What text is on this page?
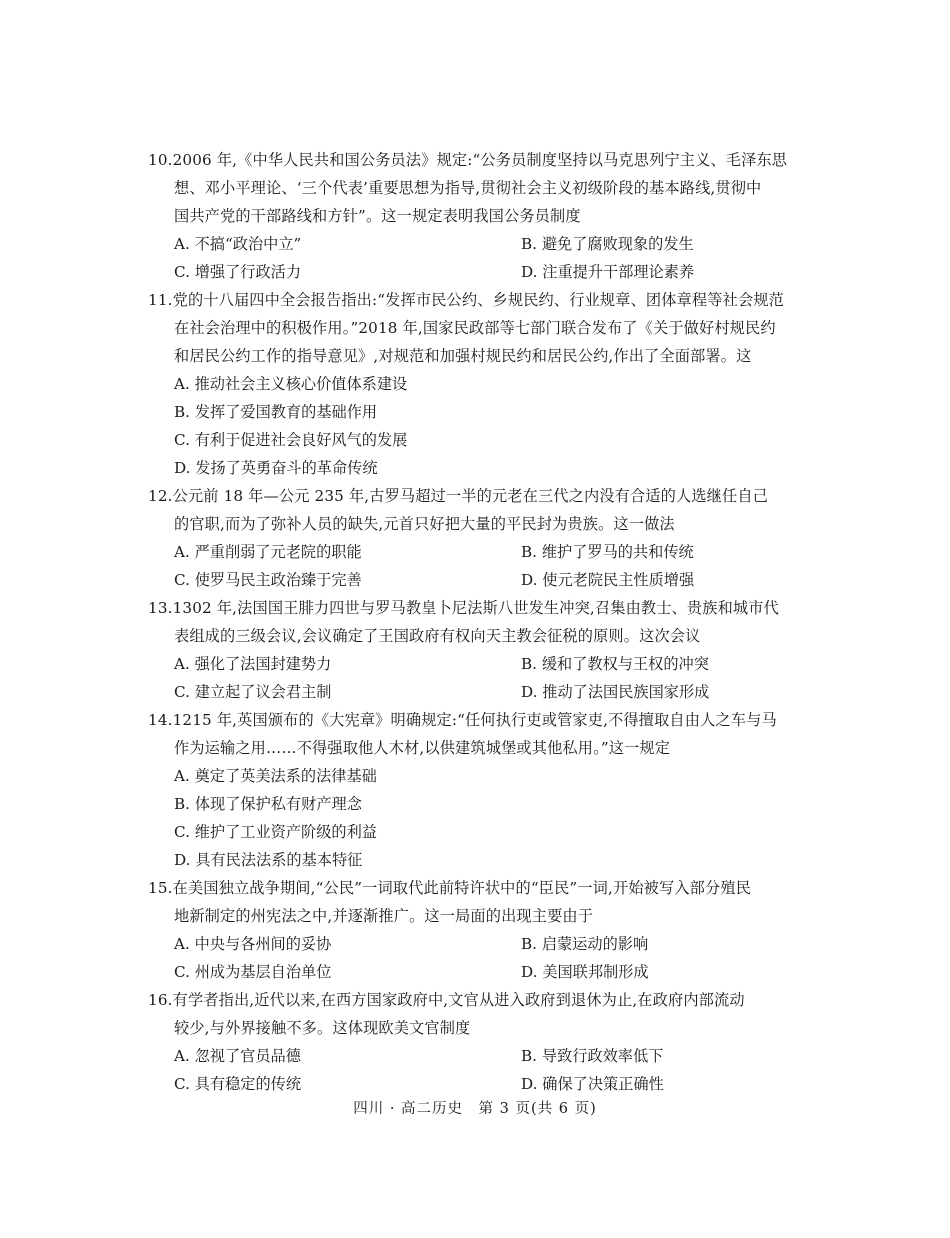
10.2006 年,《中华人民共和国公务员法》规定:“公务员制度坚持以马克思列宁主义、毛泽东思
想、邓小平理论、‘三个代表’重要思想为指导,贯彻社会主义初级阶段的基本路线,贯彻中
国共产党的干部路线和方针”。这一规定表明我国公务员制度
A. 不搞“政治中立”	B. 避免了腐败现象的发生
C. 增强了行政活力	D. 注重提升干部理论素养
11.党的十八届四中全会报告指出:“发挥市民公约、乡规民约、行业规章、团体章程等社会规范
在社会治理中的积极作用。”2018 年,国家民政部等七部门联合发布了《关于做好村规民约
和居民公约工作的指导意见》,对规范和加强村规民约和居民公约,作出了全面部署。这
A. 推动社会主义核心价值体系建设
B. 发挥了爱国教育的基础作用
C. 有利于促进社会良好风气的发展
D. 发扬了英勇奋斗的革命传统
12.公元前 18 年—公元 235 年,古罗马超过一半的元老在三代之内没有合适的人选继任自己
的官职,而为了弥补人员的缺失,元首只好把大量的平民封为贵族。这一做法
A. 严重削弱了元老院的职能	B. 维护了罗马的共和传统
C. 使罗马民主政治臻于完善	D. 使元老院民主性质增强
13.1302 年,法国国王腓力四世与罗马教皇卜尼法斯八世发生冲突,召集由教士、贵族和城市代
表组成的三级会议,会议确定了王国政府有权向天主教会征税的原则。这次会议
A. 强化了法国封建势力	B. 缓和了教权与王权的冲突
C. 建立起了议会君主制	D. 推动了法国民族国家形成
14.1215 年,英国颁布的《大宪章》明确规定:“任何执行吏或管家吏,不得擅取自由人之车与马
作为运输之用……不得强取他人木材,以供建筑城堡或其他私用。”这一规定
A. 奠定了英美法系的法律基础
B. 体现了保护私有财产理念
C. 维护了工业资产阶级的利益
D. 具有民法法系的基本特征
15.在美国独立战争期间,“公民”一词取代此前特许状中的“臣民”一词,开始被写入部分殖民
地新制定的州宪法之中,并逐渐推广。这一局面的出现主要由于
A. 中央与各州间的妥协	B. 启蒙运动的影响
C. 州成为基层自治单位	D. 美国联邦制形成
16.有学者指出,近代以来,在西方国家政府中,文官从进入政府到退休为止,在政府内部流动
较少,与外界接触不多。这体现欧美文官制度
A. 忽视了官员品德	B. 导致行政效率低下
C. 具有稳定的传统	D. 确保了决策正确性
四川 · 高二历史　第 3 页(共 6 页)
